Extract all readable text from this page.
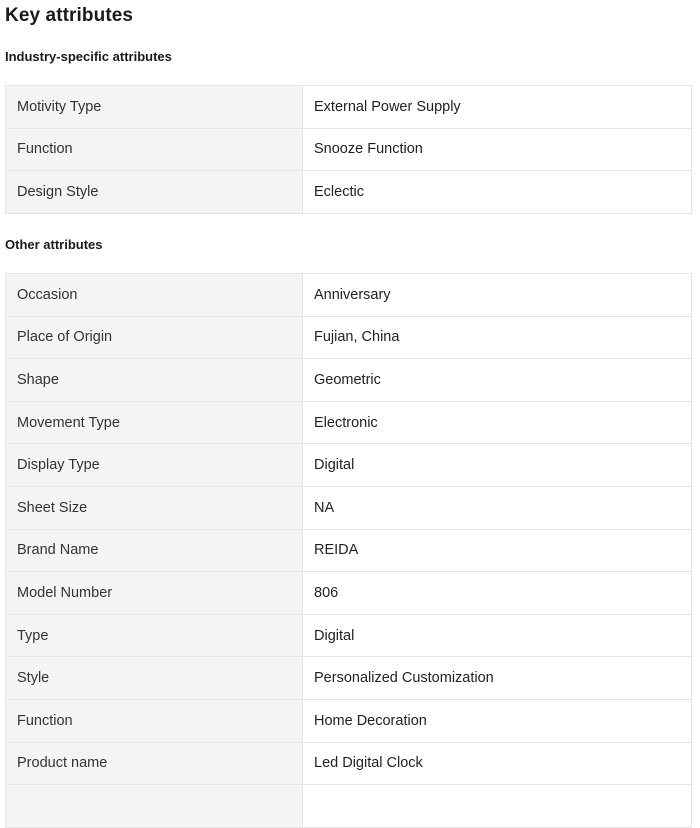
Key attributes
Industry-specific attributes
Motivity Type	External Power Supply
Function	Snooze Function
Design Style	Eclectic
Other attributes
Occasion	Anniversary
Place of Origin	Fujian, China
Shape	Geometric
Movement Type	Electronic
Display Type	Digital
Sheet Size	NA
Brand Name	REIDA
Model Number	806
Type	Digital
Style	Personalized Customization
Function	Home Decoration
Product name	Led Digital Clock
